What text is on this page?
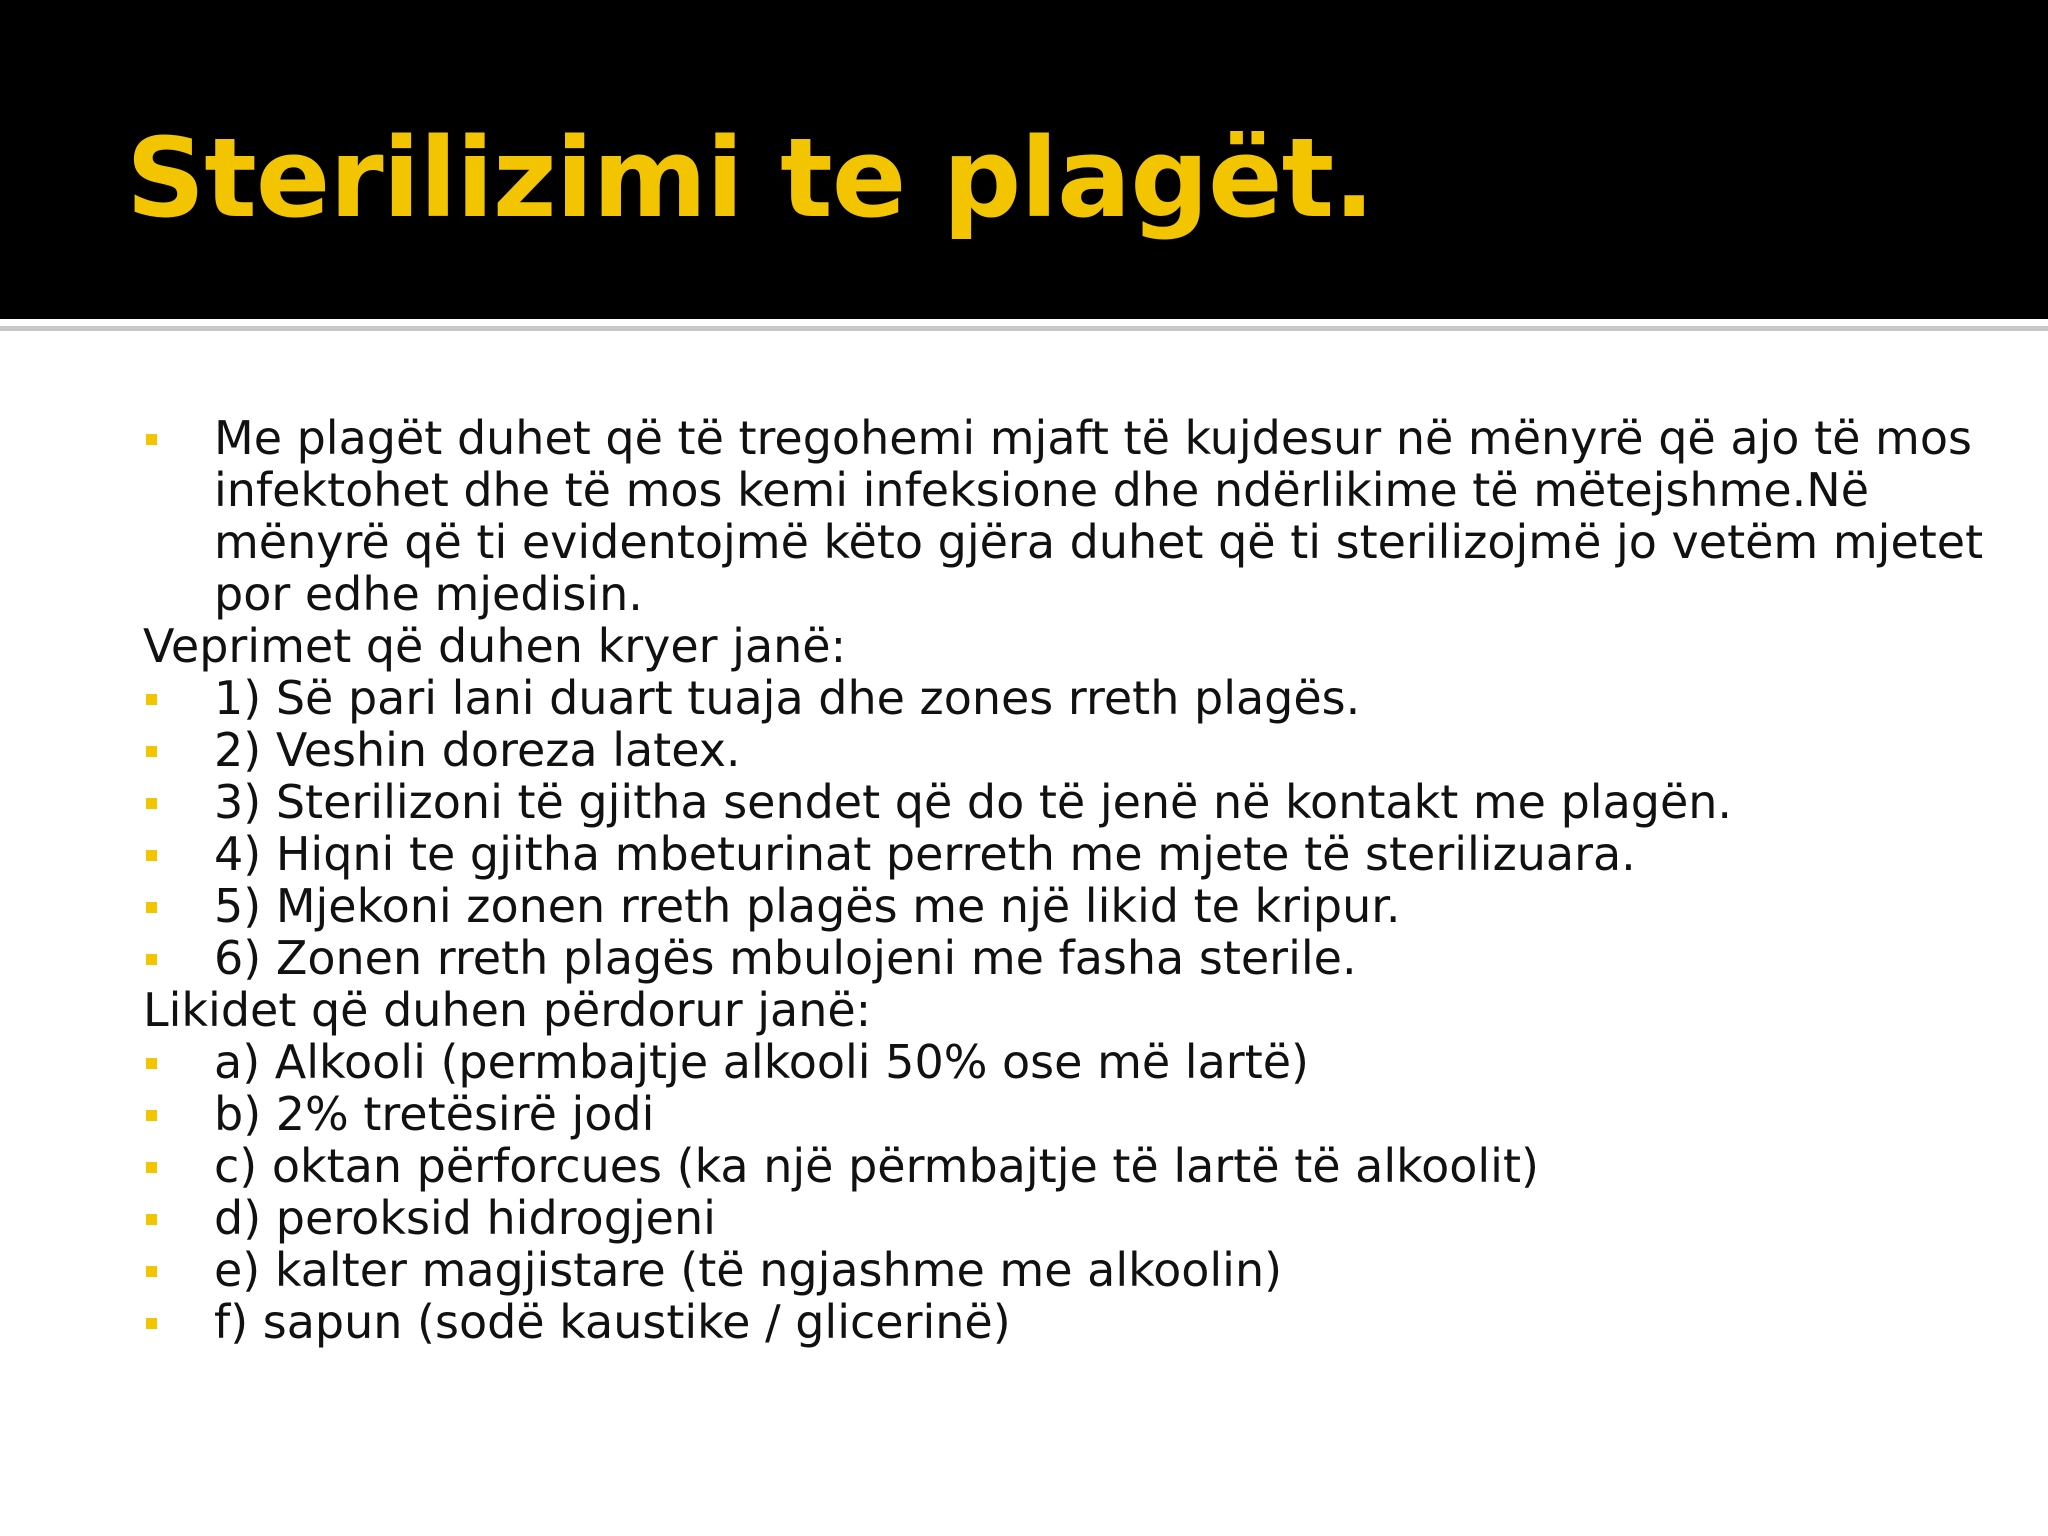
Sterilizimi te plagët.
Me plagët duhet që të tregohemi mjaft të kujdesur në mënyrë që ajo të mos
infektohet dhe të mos kemi infeksione dhe ndërlikime të mëtejshme.Në
mënyrë që ti evidentojmë këto gjëra duhet që ti sterilizojmë jo vetëm mjetet
por edhe mjedisin.
Veprimet që duhen kryer janë:
1) Së pari lani duart tuaja dhe zones rreth plagës.
2) Veshin doreza latex.
3) Sterilizoni të gjitha sendet që do të jenë në kontakt me plagën.
4) Hiqni te gjitha mbeturinat perreth me mjete të sterilizuara.
5) Mjekoni zonen rreth plagës me një likid te kripur.
6) Zonen rreth plagës mbulojeni me fasha sterile.
Likidet që duhen përdorur janë:
a) Alkooli (permbajtje alkooli 50% ose më lartë)
b) 2% tretësirë jodi
c) oktan përforcues (ka një përmbajtje të lartë të alkoolit)
d) peroksid hidrogjeni
e) kalter magjistare (të ngjashme me alkoolin)
f) sapun (sodë kaustike / glicerinë)
